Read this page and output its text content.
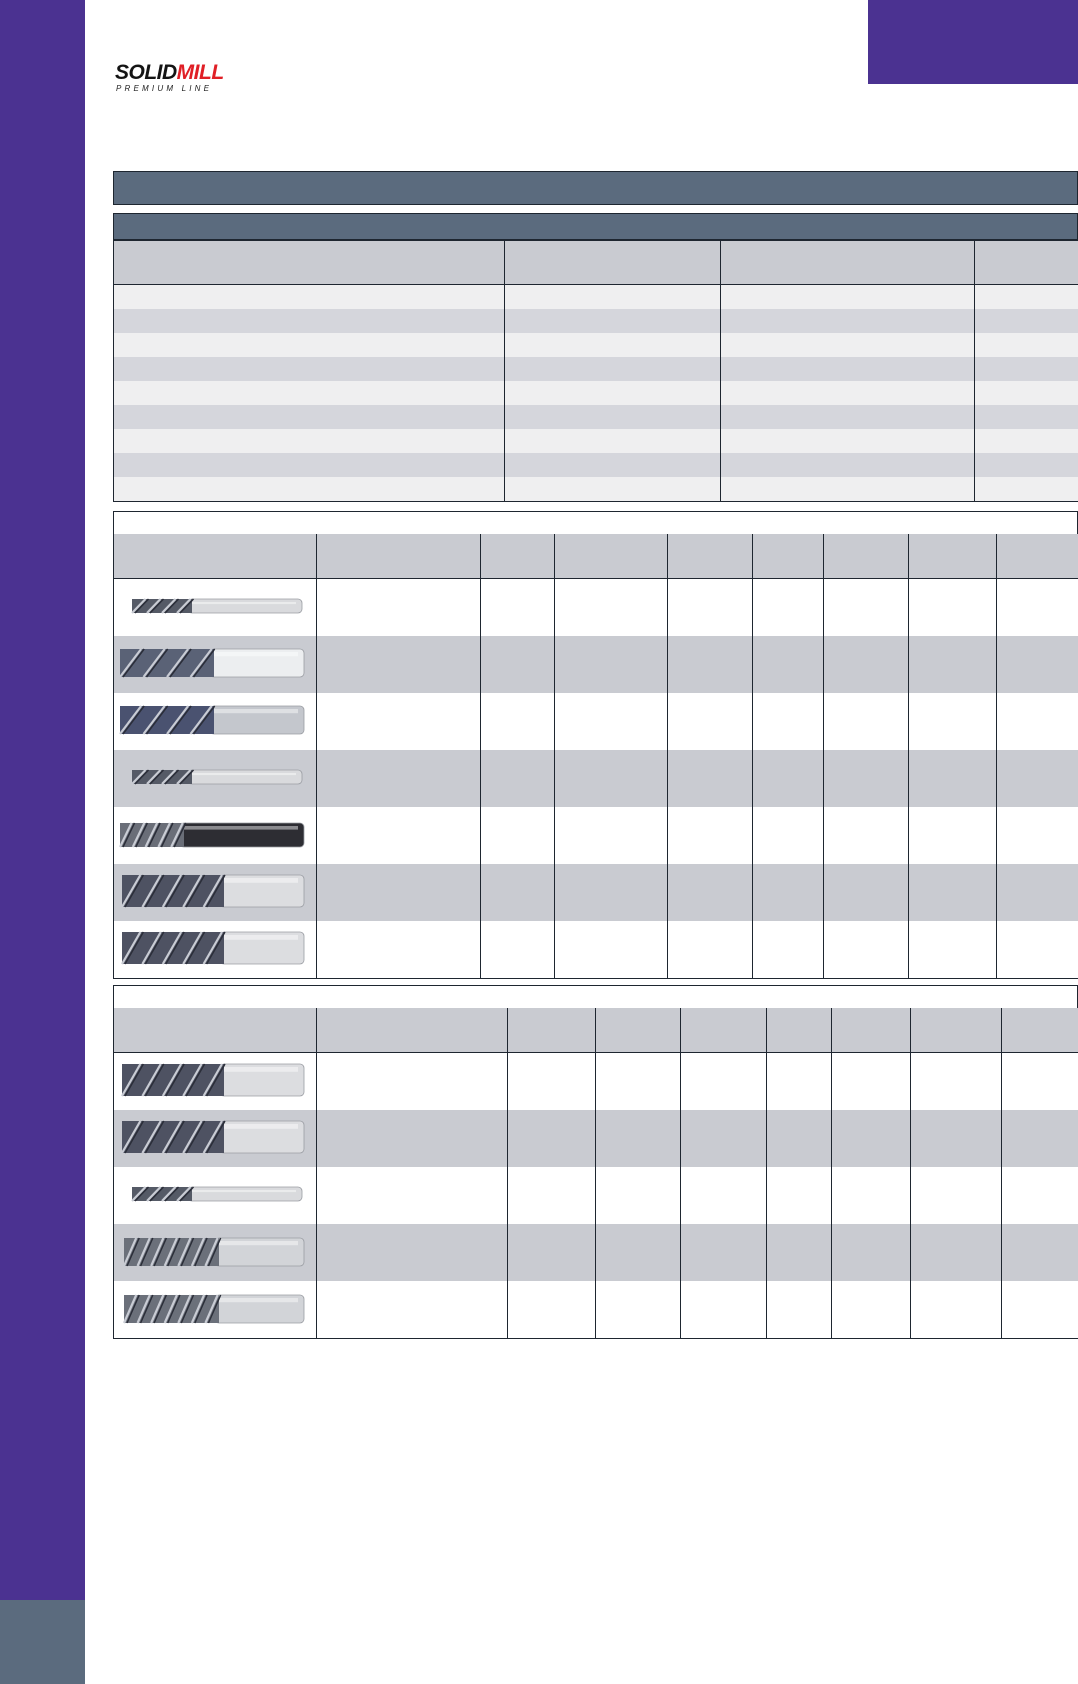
SOLIDMILL
PREMIUM LINE
